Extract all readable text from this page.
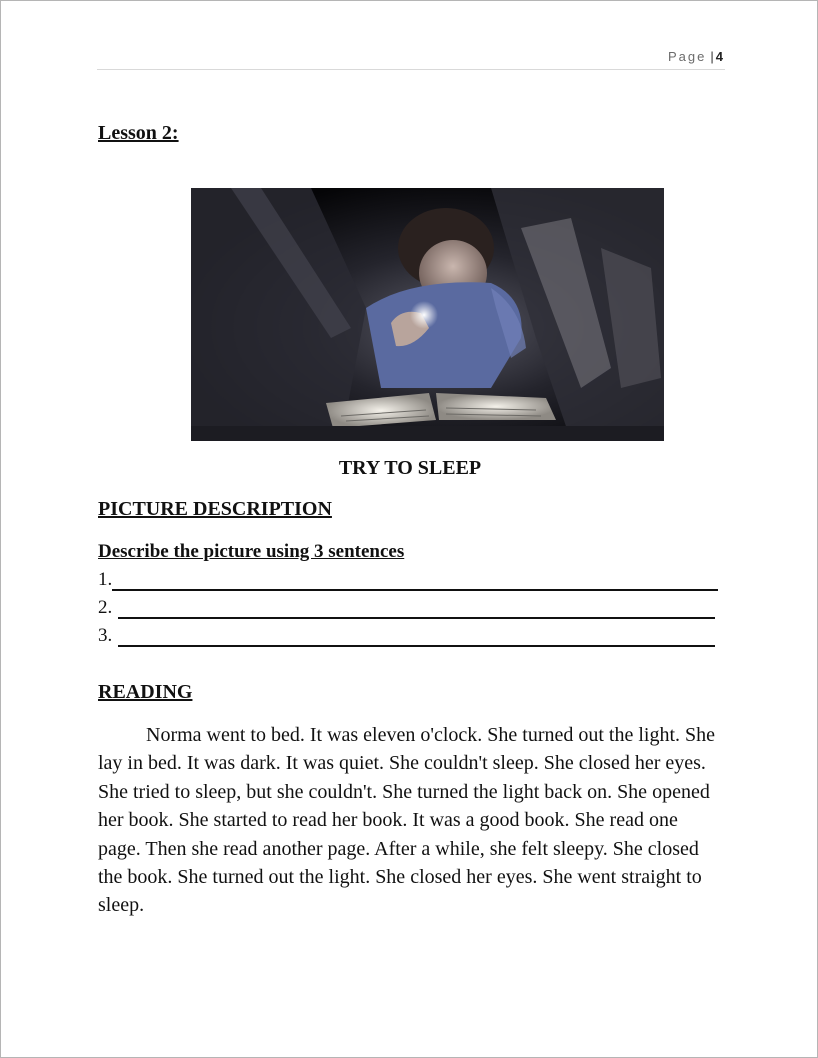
Page | 4
Lesson 2:
TRY TO SLEEP
PICTURE DESCRIPTION
Describe the picture using 3 sentences
1.
2.
3.
READING

Norma went to bed. It was eleven o'clock. She turned out the light. She lay in bed. It was dark. It was quiet. She couldn't sleep. She closed her eyes. She tried to sleep, but she couldn't. She turned the light back on. She opened her book. She started to read her book. It was a good book. She read one page. Then she read another page. After a while, she felt sleepy. She closed the book. She turned out the light. She closed her eyes. She went straight to sleep.
